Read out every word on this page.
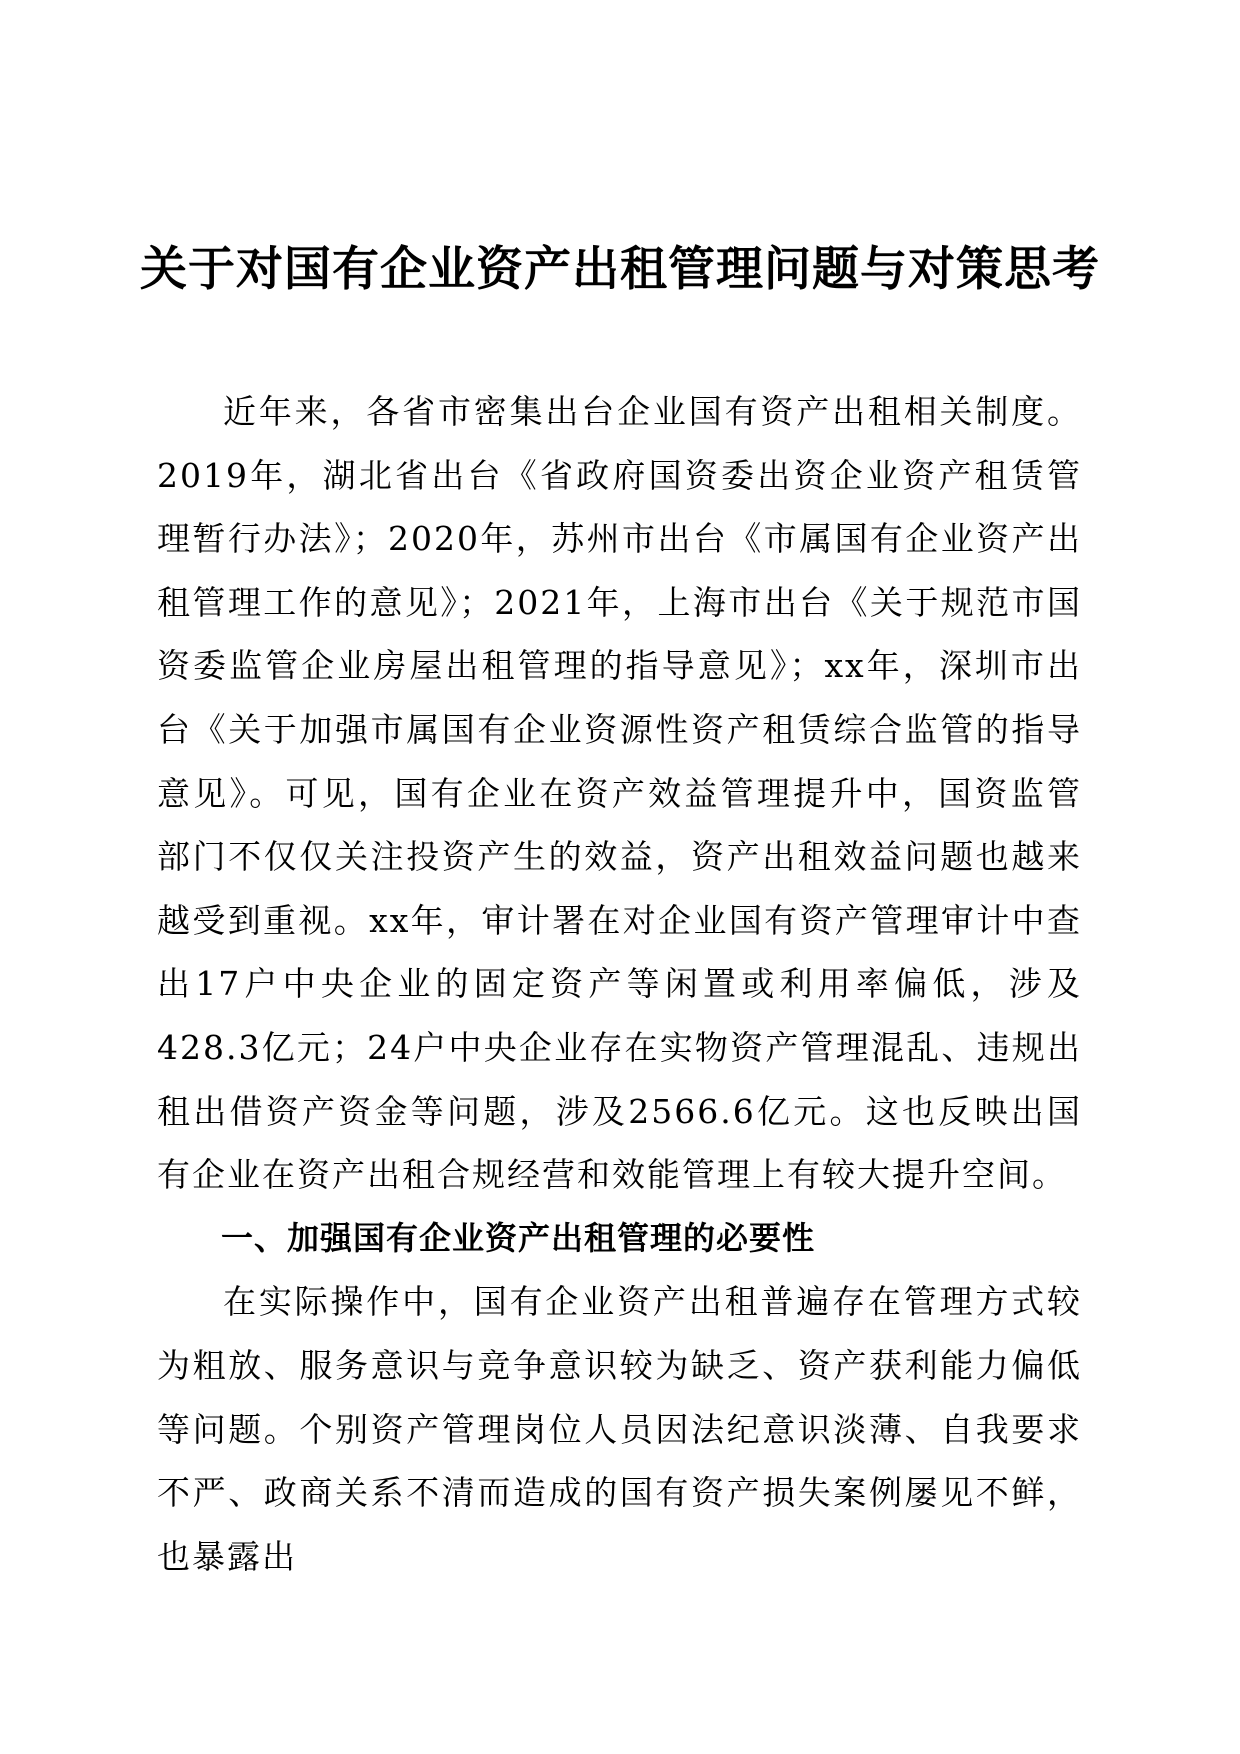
关于对国有企业资产出租管理问题与对策思考

近年来，各省市密集出台企业国有资产出租相关制度。2019年，湖北省出台《省政府国资委出资企业资产租赁管理暂行办法》；2020年，苏州市出台《市属国有企业资产出租管理工作的意见》；2021年，上海市出台《关于规范市国资委监管企业房屋出租管理的指导意见》；xx年，深圳市出台《关于加强市属国有企业资源性资产租赁综合监管的指导意见》。可见，国有企业在资产效益管理提升中，国资监管部门不仅仅关注投资产生的效益，资产出租效益问题也越来越受到重视。xx年，审计署在对企业国有资产管理审计中查出17户中央企业的固定资产等闲置或利用率偏低，涉及428.3亿元；24户中央企业存在实物资产管理混乱、违规出租出借资产资金等问题，涉及2566.6亿元。这也反映出国有企业在资产出租合规经营和效能管理上有较大提升空间。

一、加强国有企业资产出租管理的必要性

在实际操作中，国有企业资产出租普遍存在管理方式较为粗放、服务意识与竞争意识较为缺乏、资产获利能力偏低等问题。个别资产管理岗位人员因法纪意识淡薄、自我要求不严、政商关系不清而造成的国有资产损失案例屡见不鲜，也暴露出
